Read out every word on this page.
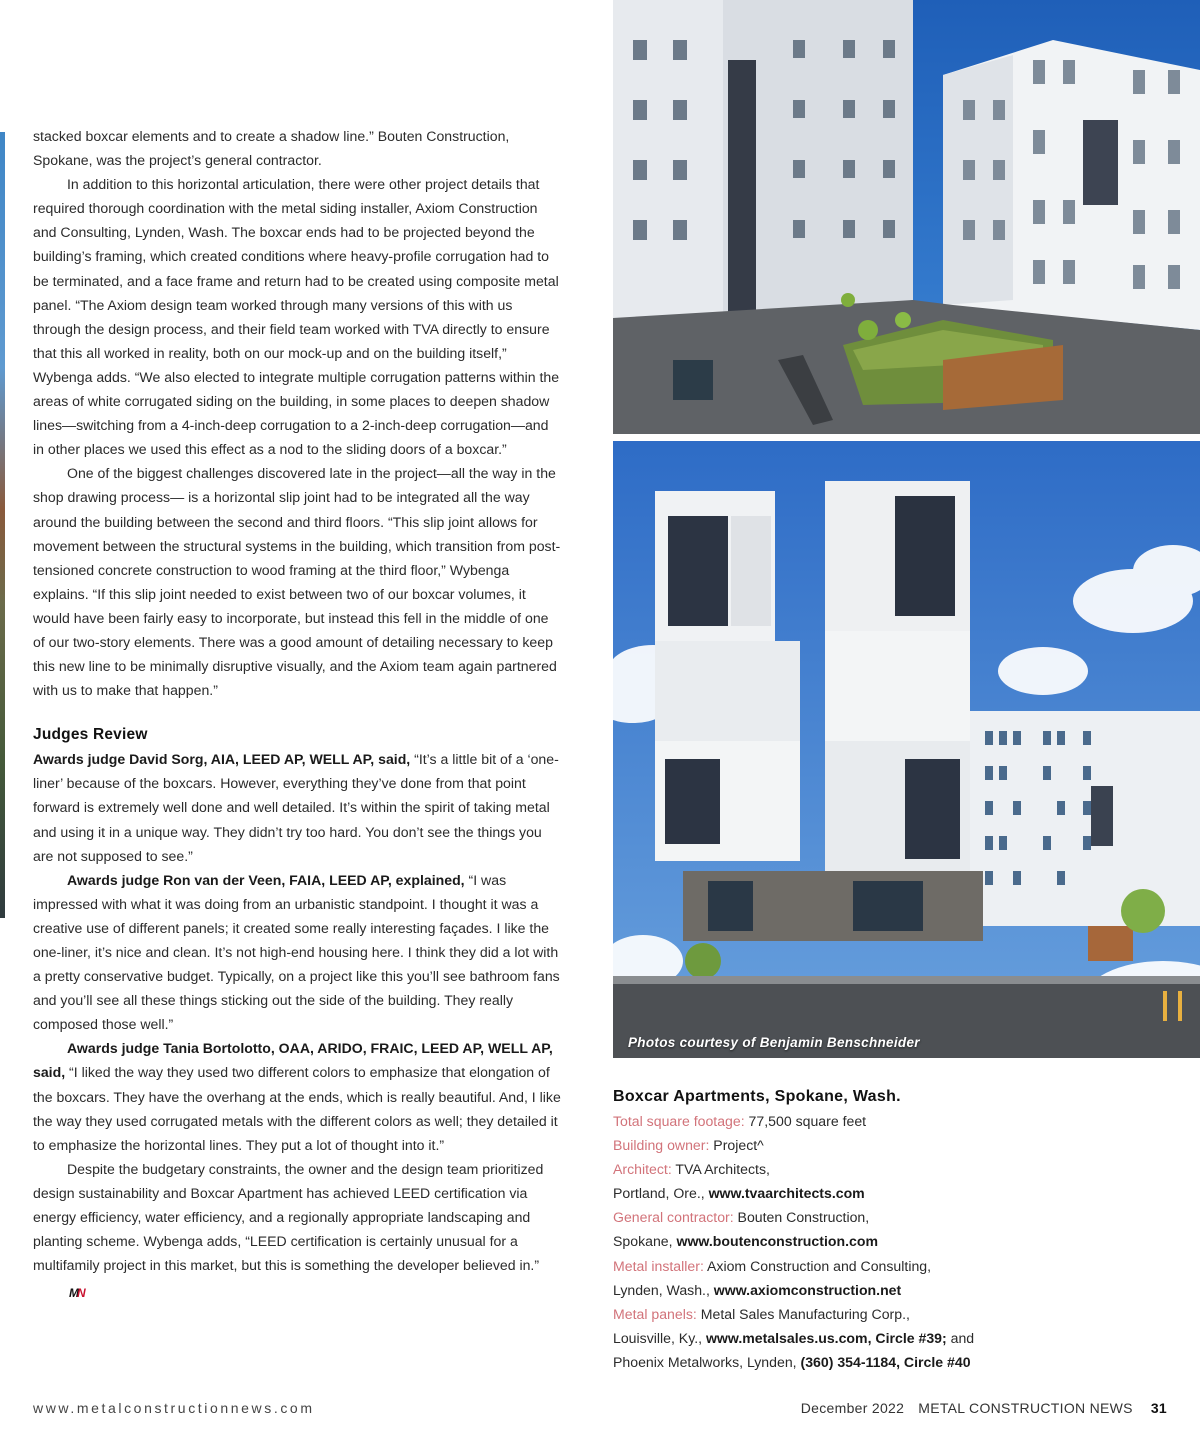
stacked boxcar elements and to create a shadow line.” Bouten Construction, Spokane, was the project’s general contractor.

In addition to this horizontal articulation, there were other project details that required thorough coordination with the metal siding installer, Axiom Construction and Consulting, Lynden, Wash. The boxcar ends had to be projected beyond the building’s framing, which created conditions where heavy-profile corrugation had to be terminated, and a face frame and return had to be created using composite metal panel. “The Axiom design team worked through many versions of this with us through the design process, and their field team worked with TVA directly to ensure that this all worked in reality, both on our mock-up and on the building itself,” Wybenga adds. “We also elected to integrate multiple corrugation patterns within the areas of white corrugated siding on the building, in some places to deepen shadow lines—switching from a 4-inch-deep corrugation to a 2-inch-deep corrugation—and in other places we used this effect as a nod to the sliding doors of a boxcar.”

One of the biggest challenges discovered late in the project—all the way in the shop drawing process— is a horizontal slip joint had to be integrated all the way around the building between the second and third floors. “This slip joint allows for movement between the structural systems in the building, which transition from post-tensioned concrete construction to wood framing at the third floor,” Wybenga explains. “If this slip joint needed to exist between two of our boxcar volumes, it would have been fairly easy to incorporate, but instead this fell in the middle of one of our two-story elements. There was a good amount of detailing necessary to keep this new line to be minimally disruptive visually, and the Axiom team again partnered with us to make that happen.”

Judges Review

Awards judge David Sorg, AIA, LEED AP, WELL AP, said, “It’s a little bit of a ‘one-liner’ because of the boxcars. However, everything they’ve done from that point forward is extremely well done and well detailed. It’s within the spirit of taking metal and using it in a unique way. They didn’t try too hard. You don’t see the things you are not supposed to see.”

Awards judge Ron van der Veen, FAIA, LEED AP, explained, “I was impressed with what it was doing from an urbanistic standpoint. I thought it was a creative use of different panels; it created some really interesting façades. I like the one-liner, it’s nice and clean. It’s not high-end housing here. I think they did a lot with a pretty conservative budget. Typically, on a project like this you’ll see bathroom fans and you’ll see all these things sticking out the side of the building. They really composed those well.”

Awards judge Tania Bortolotto, OAA, ARIDO, FRAIC, LEED AP, WELL AP, said, “I liked the way they used two different colors to emphasize that elongation of the boxcars. They have the overhang at the ends, which is really beautiful. And, I like the way they used corrugated metals with the different colors as well; they detailed it to emphasize the horizontal lines. They put a lot of thought into it.”

Despite the budgetary constraints, the owner and the design team prioritized design sustainability and Boxcar Apartment has achieved LEED certification via energy efficiency, water efficiency, and a regionally appropriate landscaping and planting scheme. Wybenga adds, “LEED certification is certainly unusual for a multifamily project in this market, but this is something the developer believed in.”MN

Photos courtesy of Benjamin Benschneider
Boxcar Apartments, Spokane, Wash.
Total square footage: 77,500 square feet
Building owner: Project^
Architect: TVA Architects,
Portland, Ore., www.tvaarchitects.com
General contractor: Bouten Construction,
Spokane, www.boutenconstruction.com
Metal installer: Axiom Construction and Consulting,
Lynden, Wash., www.axiomconstruction.net
Metal panels: Metal Sales Manufacturing Corp.,
Louisville, Ky., www.metalsales.us.com, Circle #39; and
Phoenix Metalworks, Lynden, (360) 354-1184, Circle #40
www.metalconstructionnews.com	December 2022 METAL CONSTRUCTION NEWS 31
